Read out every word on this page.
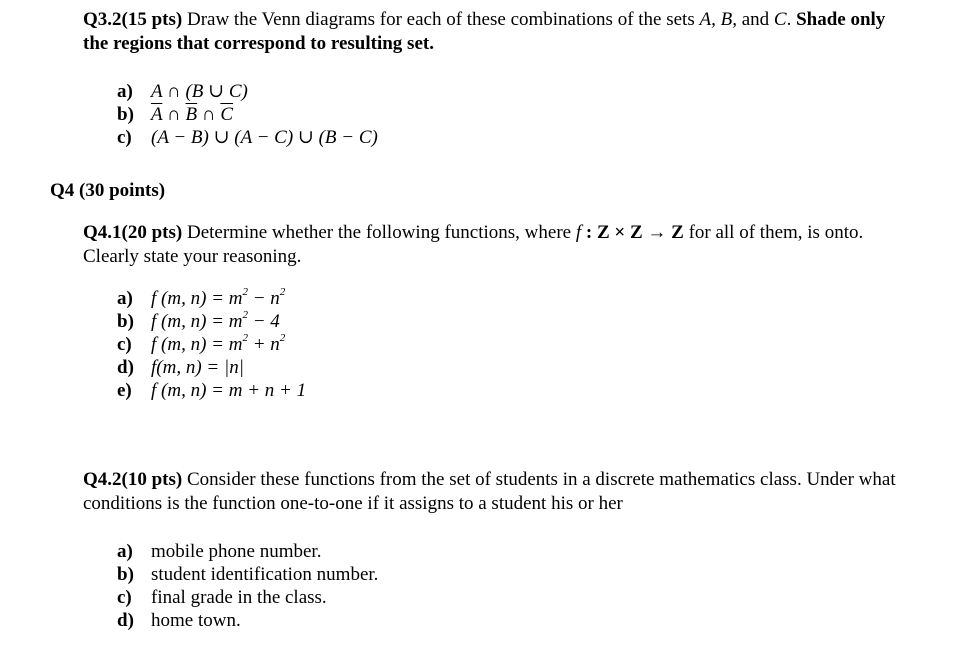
Q3.2(15 pts) Draw the Venn diagrams for each of these combinations of the sets A, B, and C. Shade only the regions that correspond to resulting set.
a) A ∩ (B ∪ C)
b) $\overline{A}$ ∩ $\overline{B}$ ∩ $\overline{C}$
c)	(A − B) ∪ (A − C) ∪ (B − C)
Q4 (30 points)
Q4.1(20 pts) Determine whether the following functions, where f : Z × Z → Z for all of them, is onto. Clearly state your reasoning.
a) f (m, $n) = m^2 - n^2$
b) f (m, $n) = m^2 - 4$
c)	f (m, $n) = m^2 + n^2$
d) f(m, n) = |n|
e)	f (m, n) = m + n + 1
Q4.2(10 pts) Consider these functions from the set of students in a discrete mathematics class. Under what conditions is the function one-to-one if it assigns to a student his or her
a) mobile phone number.
b) student identification number.
c)	final grade in the class.
d) home town.
